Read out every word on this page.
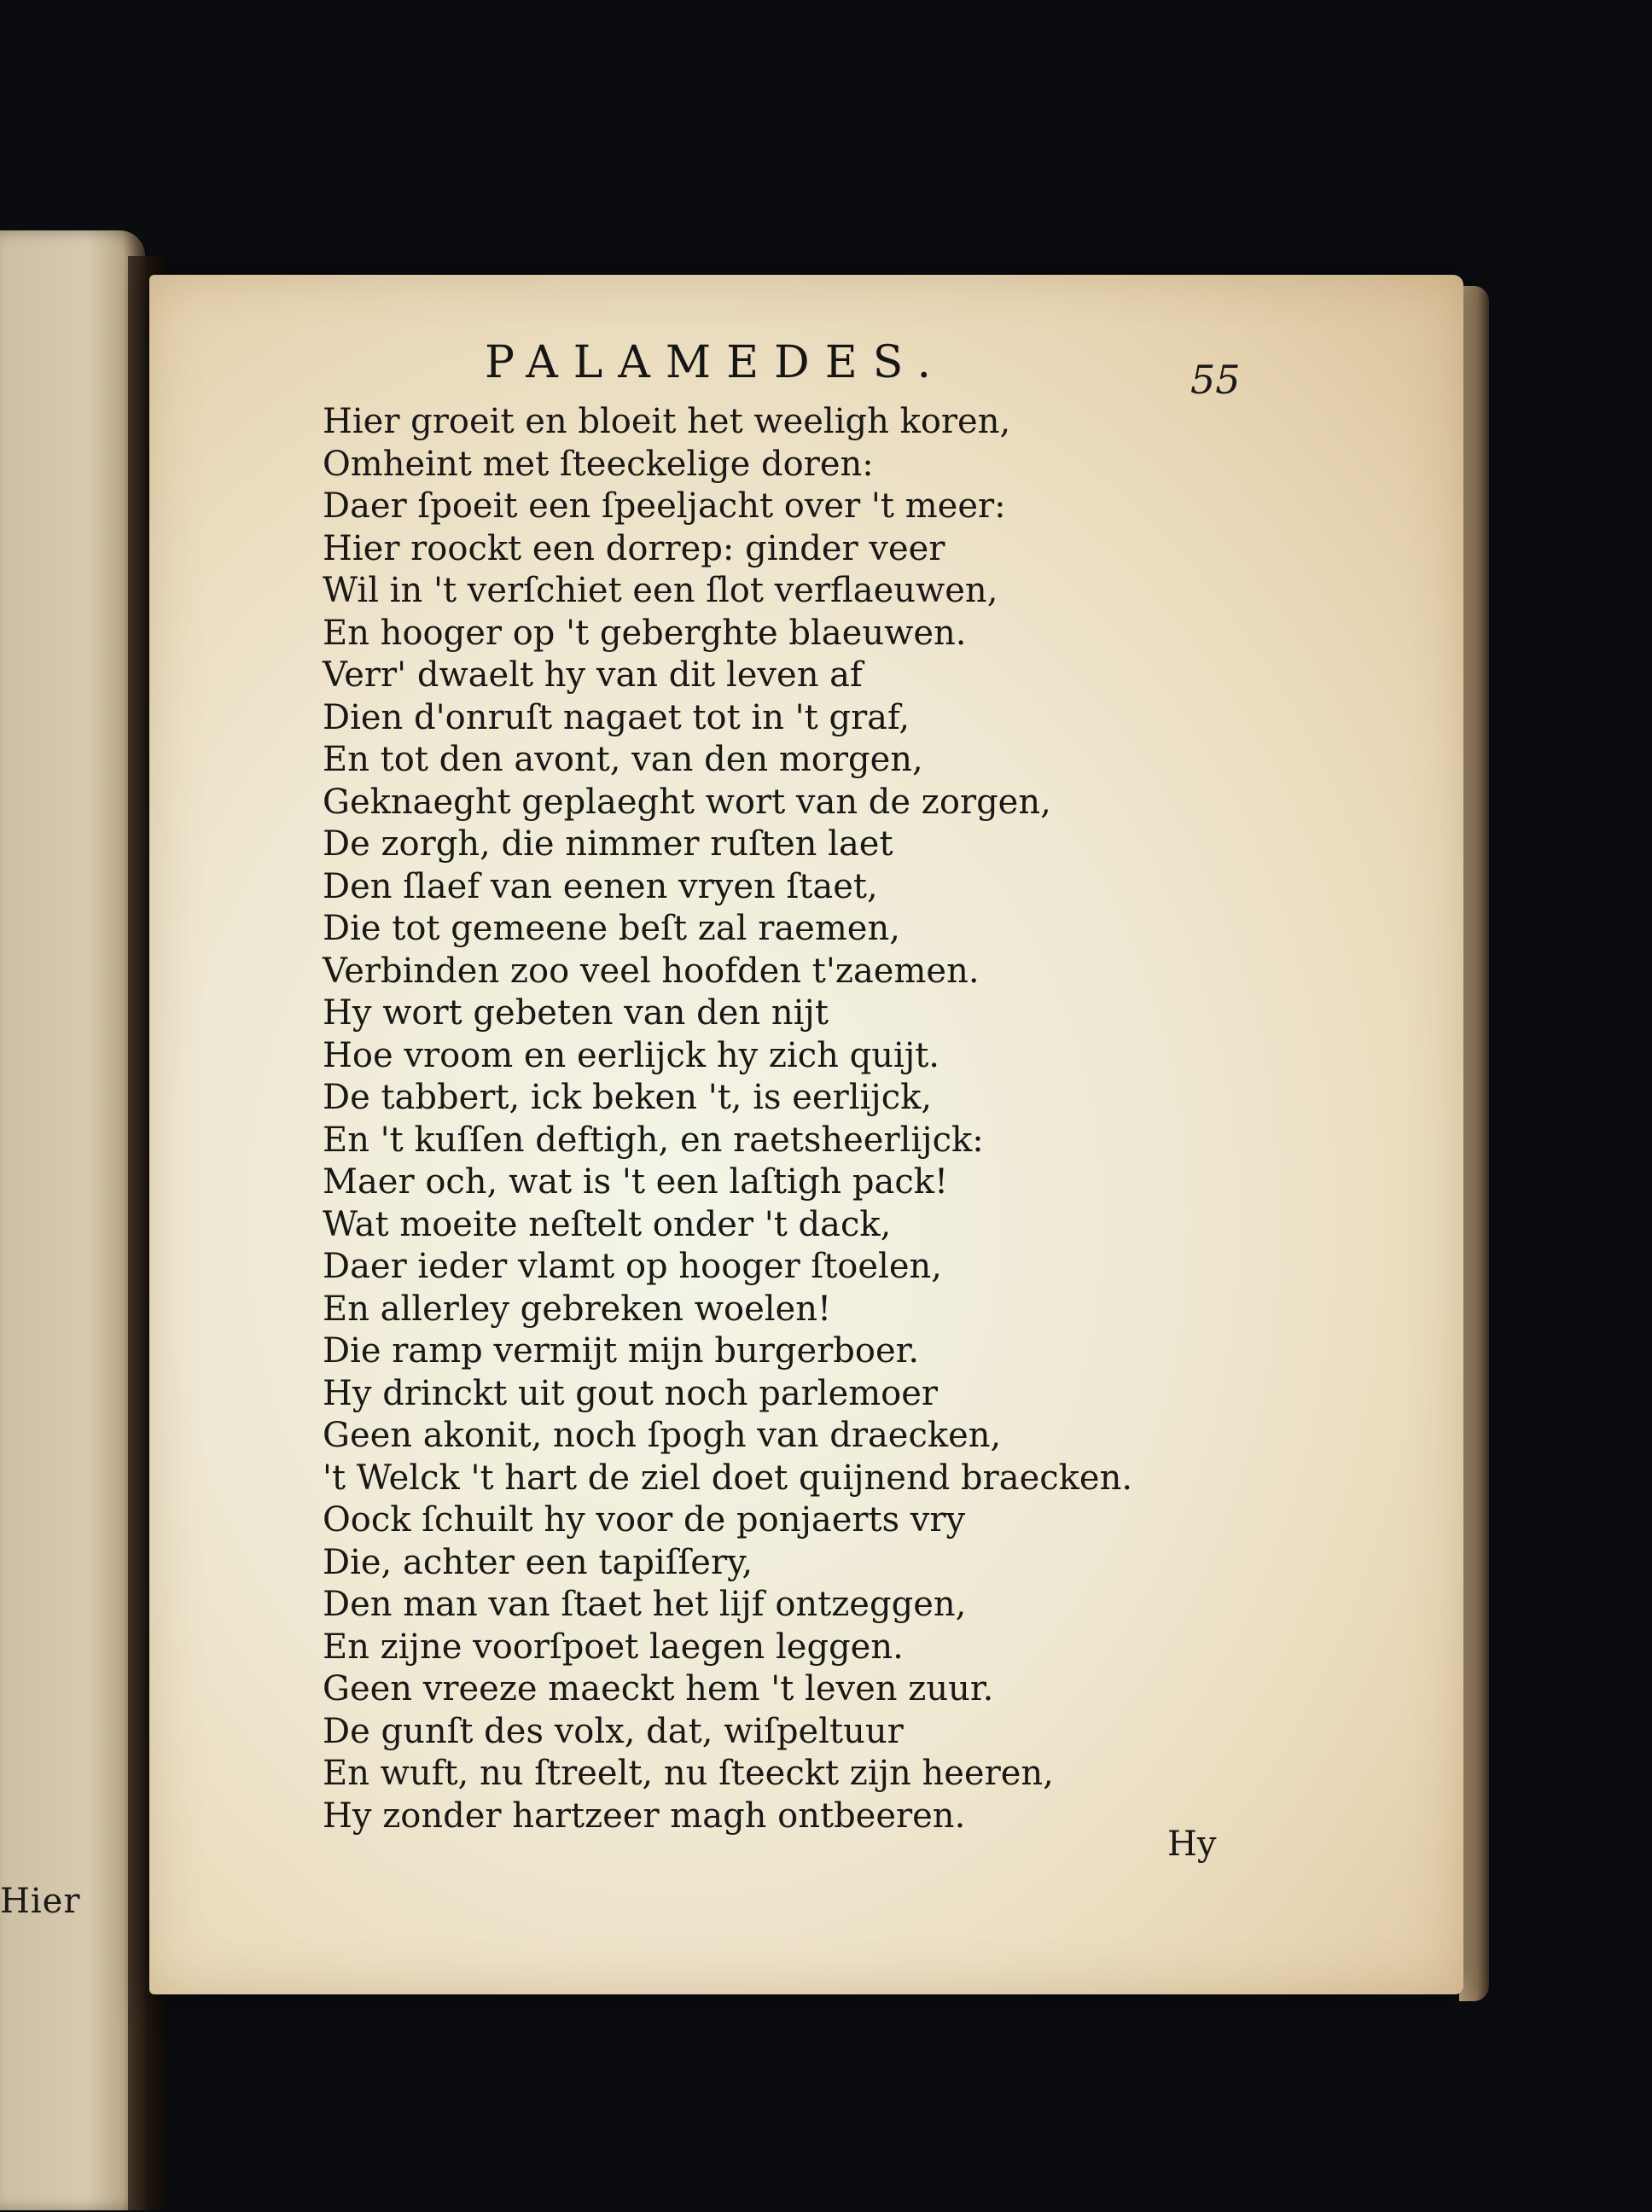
Hier
PALAMEDES.	55
Hier groeit en bloeit het weeligh koren,
Omheint met ſteeckelige doren:
Daer ſpoeit een ſpeeljacht over 't meer:
Hier roockt een dorrep: ginder veer
Wil in 't verſchiet een ſlot verflaeuwen,
En hooger op 't geberghte blaeuwen.
Verr' dwaelt hy van dit leven af
Dien d'onruſt nagaet tot in 't graf,
En tot den avont, van den morgen,
Geknaeght geplaeght wort van de zorgen,
De zorgh, die nimmer ruſten laet
Den ſlaef van eenen vryen ſtaet,
Die tot gemeene beſt zal raemen,
Verbinden zoo veel hoofden t'zaemen.
Hy wort gebeten van den nijt
Hoe vroom en eerlijck hy zich quijt.
De tabbert, ick beken 't, is eerlijck,
En 't kuſſen deftigh, en raetsheerlijck:
Maer och, wat is 't een laſtigh pack!
Wat moeite neſtelt onder 't dack,
Daer ieder vlamt op hooger ſtoelen,
En allerley gebreken woelen!
Die ramp vermijt mijn burgerboer.
Hy drinckt uit gout noch parlemoer
Geen akonit, noch ſpogh van draecken,
't Welck 't hart de ziel doet quijnend braecken.
Oock ſchuilt hy voor de ponjaerts vry
Die, achter een tapiſſery,
Den man van ſtaet het lijf ontzeggen,
En zijne voorſpoet laegen leggen.
Geen vreeze maeckt hem 't leven zuur.
De gunſt des volx, dat, wiſpeltuur
En wuft, nu ſtreelt, nu ſteeckt zijn heeren,
Hy zonder hartzeer magh ontbeeren.
Hy
